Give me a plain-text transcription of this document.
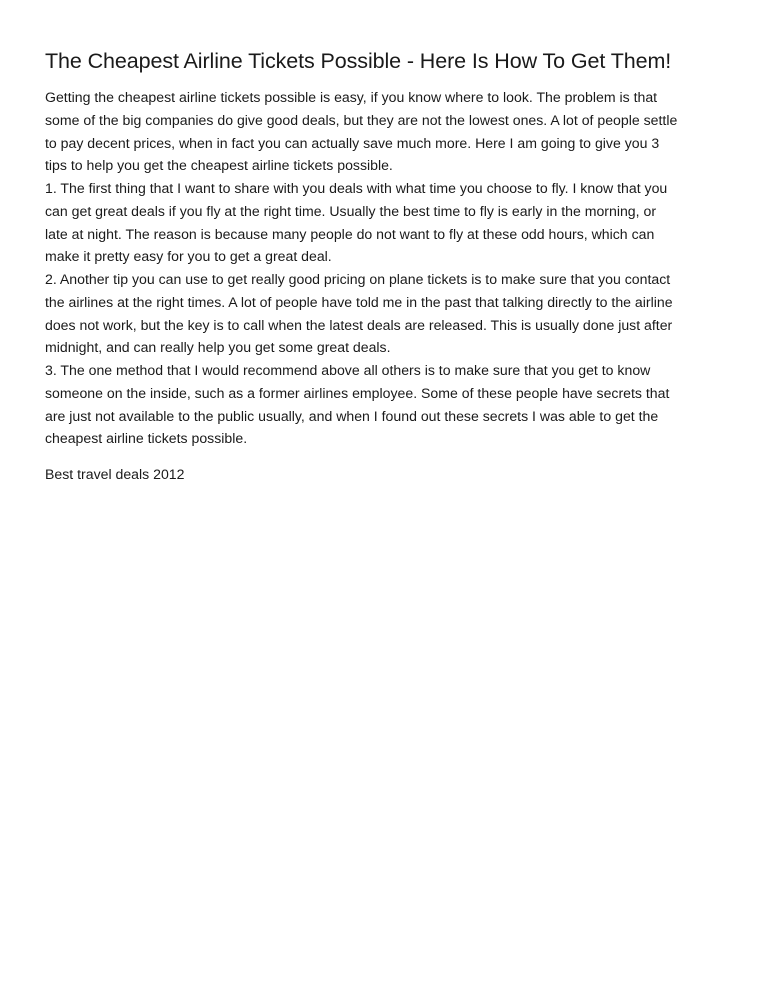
The Cheapest Airline Tickets Possible - Here Is How To Get Them!

Getting the cheapest airline tickets possible is easy, if you know where to look. The problem is that

some of the big companies do give good deals, but they are not the lowest ones. A lot of people settle

to pay decent prices, when in fact you can actually save much more. Here I am going to give you 3

tips to help you get the cheapest airline tickets possible.

1. The first thing that I want to share with you deals with what time you choose to fly. I know that you

can get great deals if you fly at the right time. Usually the best time to fly is early in the morning, or

late at night. The reason is because many people do not want to fly at these odd hours, which can

make it pretty easy for you to get a great deal.

2. Another tip you can use to get really good pricing on plane tickets is to make sure that you contact

the airlines at the right times. A lot of people have told me in the past that talking directly to the airline

does not work, but the key is to call when the latest deals are released. This is usually done just after

midnight, and can really help you get some great deals.

3. The one method that I would recommend above all others is to make sure that you get to know

someone on the inside, such as a former airlines employee. Some of these people have secrets that

are just not available to the public usually, and when I found out these secrets I was able to get the

cheapest airline tickets possible.

Best travel deals 2012
